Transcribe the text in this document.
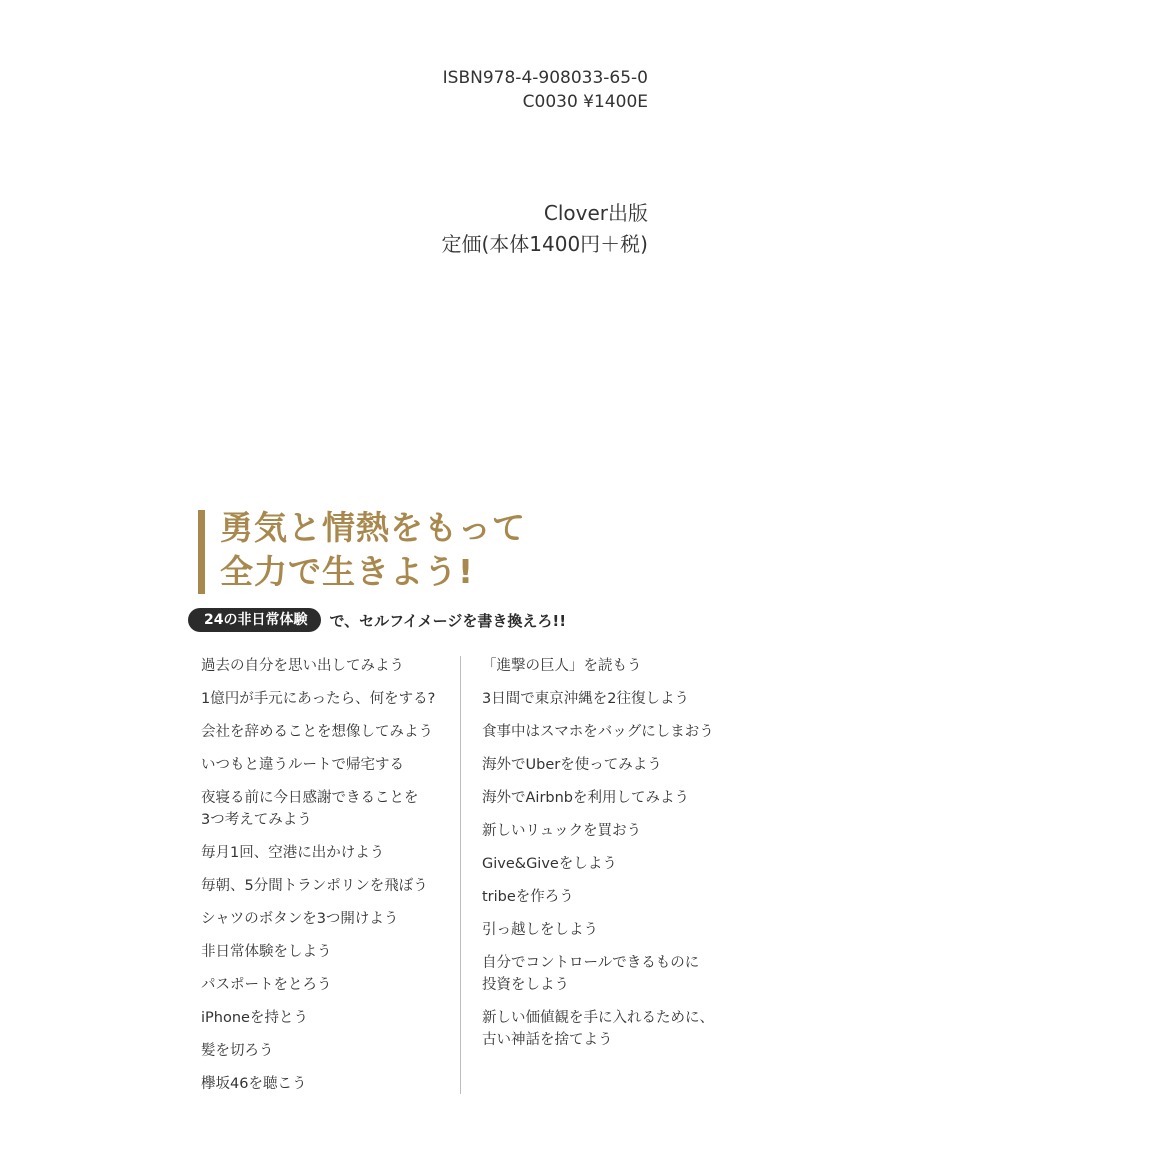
ISBN978-4-908033-65-0
C0030 ¥1400E
Clover出版
定価(本体1400円＋税)
勇気と情熱をもって
全力で生きよう!
24の非日常体験	で、セルフイメージを書き換えろ!!
過去の自分を思い出してみよう
1億円が手元にあったら、何をする?
会社を辞めることを想像してみよう
いつもと違うルートで帰宅する
夜寝る前に今日感謝できることを
3つ考えてみよう
毎月1回、空港に出かけよう
毎朝、5分間トランポリンを飛ぼう
シャツのボタンを3つ開けよう
非日常体験をしよう
パスポートをとろう
iPhoneを持とう
髪を切ろう
欅坂46を聴こう
「進撃の巨人」を読もう
3日間で東京沖縄を2往復しよう
食事中はスマホをバッグにしまおう
海外でUberを使ってみよう
海外でAirbnbを利用してみよう
新しいリュックを買おう
Give&Giveをしよう
tribeを作ろう
引っ越しをしよう
自分でコントロールできるものに
投資をしよう
新しい価値観を手に入れるために、
古い神話を捨てよう
